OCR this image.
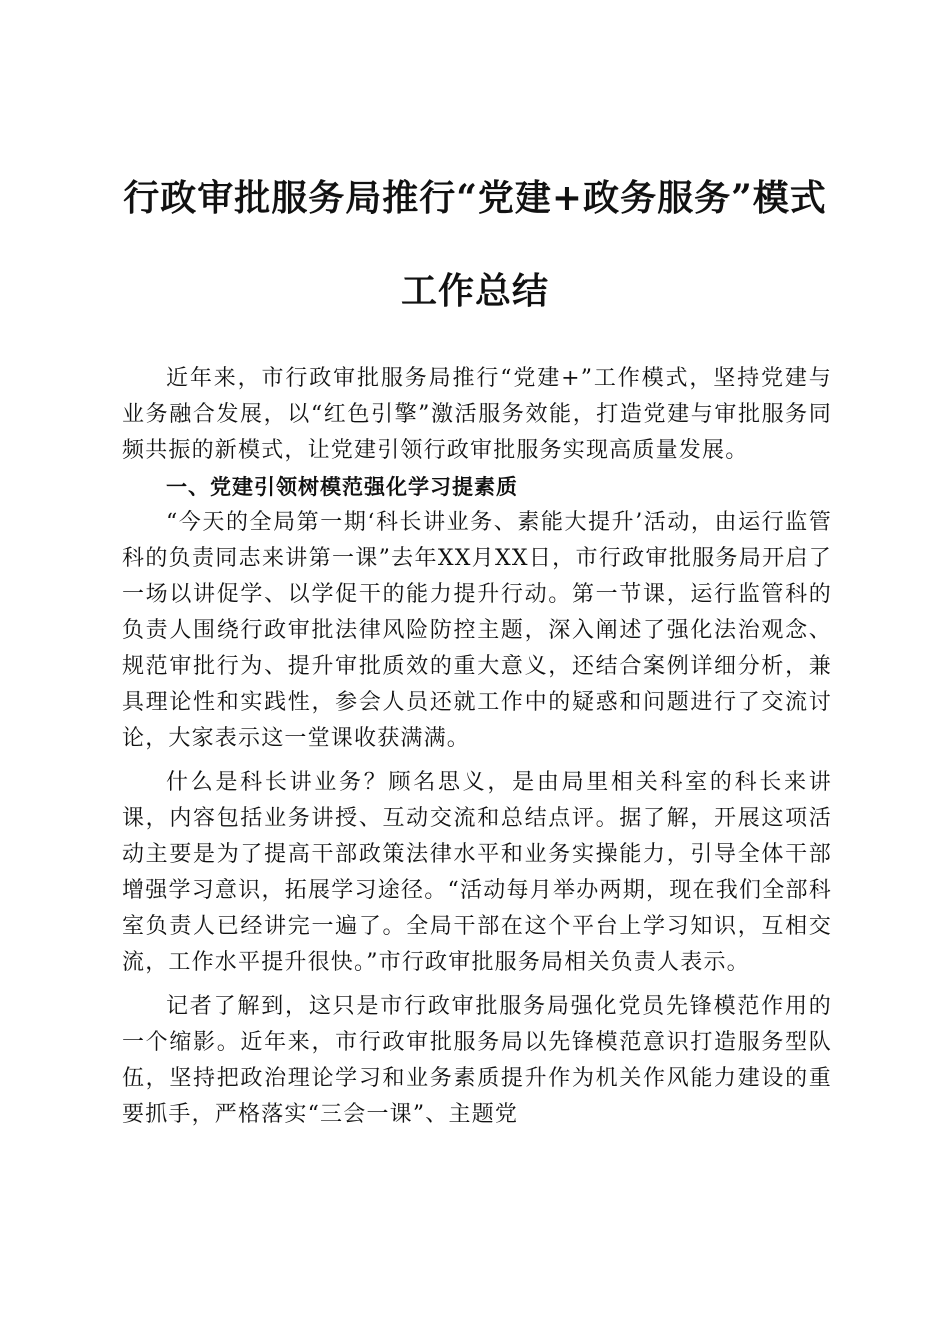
行政审批服务局推行“党建+政务服务”模式
工作总结

近年来，市行政审批服务局推行“党建+”工作模式，坚持党建与业务融合发展，以“红色引擎”激活服务效能，打造党建与审批服务同频共振的新模式，让党建引领行政审批服务实现高质量发展。

一、党建引领树模范强化学习提素质

“今天的全局第一期‘科长讲业务、素能大提升’活动，由运行监管科的负责同志来讲第一课”去年XX月XX日，市行政审批服务局开启了一场以讲促学、以学促干的能力提升行动。第一节课，运行监管科的负责人围绕行政审批法律风险防控主题，深入阐述了强化法治观念、规范审批行为、提升审批质效的重大意义，还结合案例详细分析，兼具理论性和实践性，参会人员还就工作中的疑惑和问题进行了交流讨论，大家表示这一堂课收获满满。

什么是科长讲业务？顾名思义，是由局里相关科室的科长来讲课，内容包括业务讲授、互动交流和总结点评。据了解，开展这项活动主要是为了提高干部政策法律水平和业务实操能力，引导全体干部增强学习意识，拓展学习途径。“活动每月举办两期，现在我们全部科室负责人已经讲完一遍了。全局干部在这个平台上学习知识，互相交流，工作水平提升很快。”市行政审批服务局相关负责人表示。

记者了解到，这只是市行政审批服务局强化党员先锋模范作用的一个缩影。近年来，市行政审批服务局以先锋模范意识打造服务型队伍，坚持把政治理论学习和业务素质提升作为机关作风能力建设的重要抓手，严格落实“三会一课”、主题党
